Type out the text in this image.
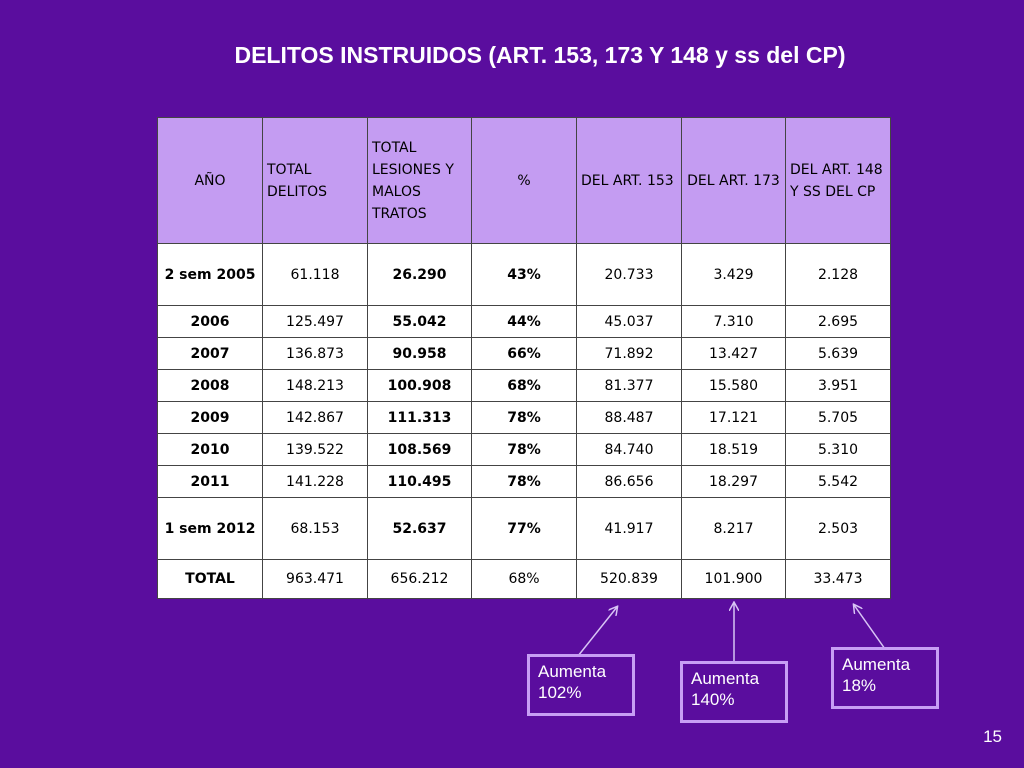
DELITOS INSTRUIDOS (ART. 153, 173 Y 148 y ss del CP)
AÑO	TOTAL DELITOS	TOTAL LESIONES Y MALOS TRATOS	%	DEL ART. 153	DEL ART. 173	DEL ART. 148 Y SS DEL CP
2 sem 2005	61.118	26.290	43%	20.733	3.429	2.128
2006	125.497	55.042	44%	45.037	7.310	2.695
2007	136.873	90.958	66%	71.892	13.427	5.639
2008	148.213	100.908	68%	81.377	15.580	3.951
2009	142.867	111.313	78%	88.487	17.121	5.705
2010	139.522	108.569	78%	84.740	18.519	5.310
2011	141.228	110.495	78%	86.656	18.297	5.542
1 sem 2012	68.153	52.637	77%	41.917	8.217	2.503
TOTAL	963.471	656.212	68%	520.839	101.900	33.473
Aumenta
102%
Aumenta
140%
Aumenta
18%
15
